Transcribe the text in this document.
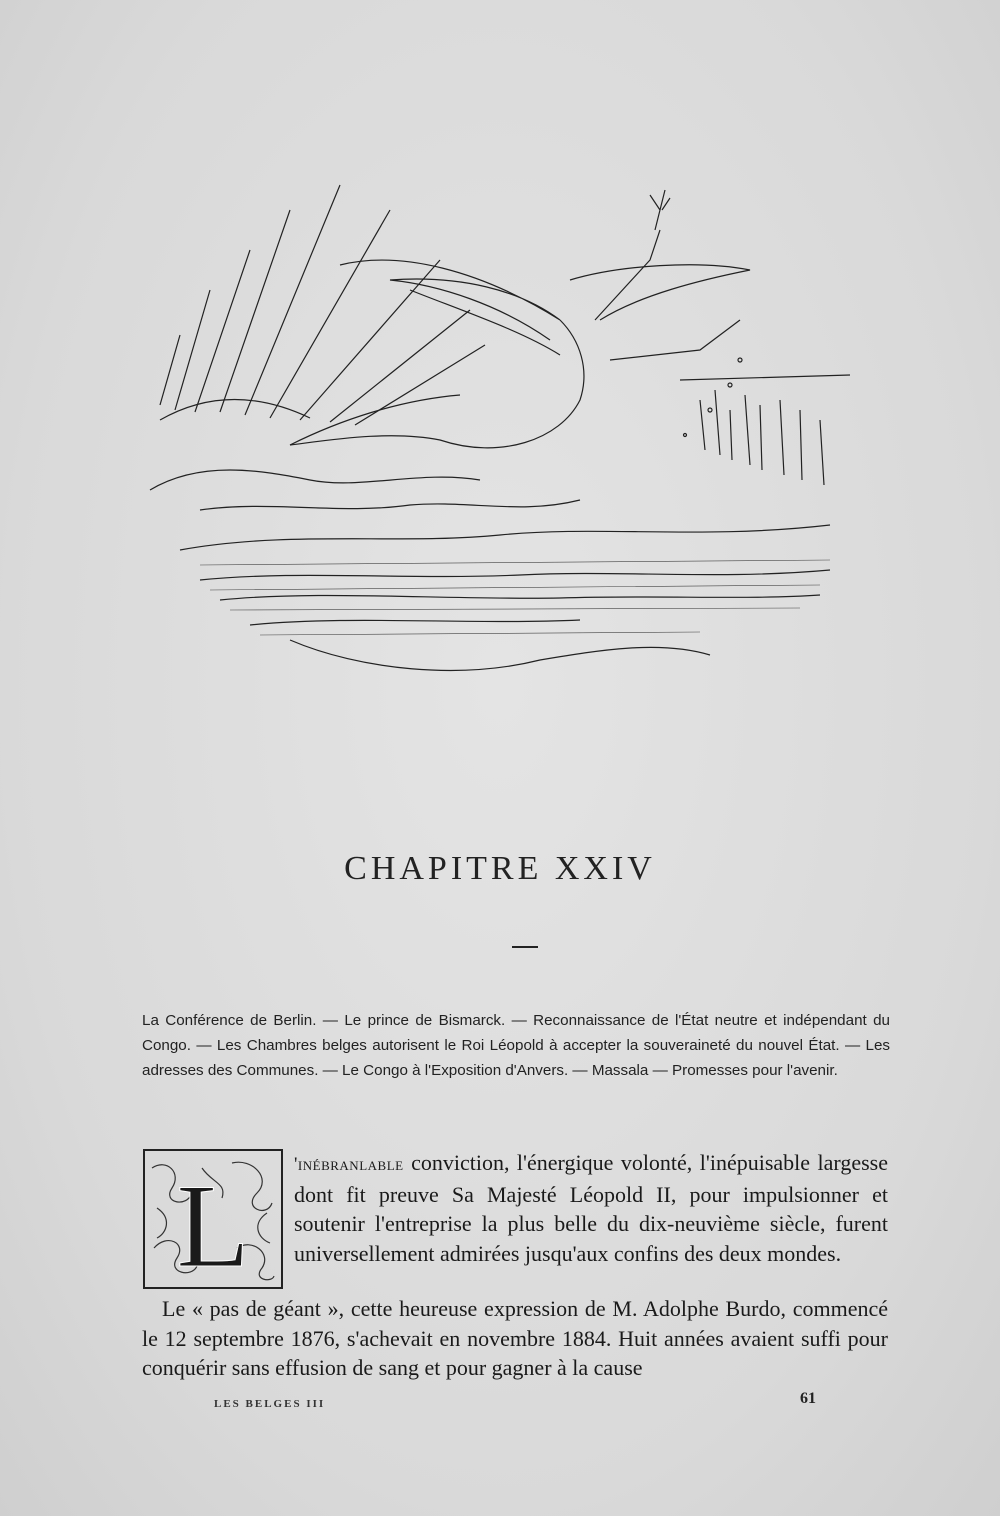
CHAPITRE XXIV
La Conférence de Berlin. — Le prince de Bismarck. — Reconnaissance de l'État neutre et indépendant du Congo. — Les Chambres belges autorisent le Roi Léopold à accepter la souveraineté du nouvel État. — Les adresses des Communes. — Le Congo à l'Exposition d'Anvers. — Massala — Promesses pour l'avenir.
L 'inébranlable conviction, l'énergique volonté, l'inépuisable largesse dont fit preuve Sa Majesté Léopold II, pour impulsionner et soutenir l'entreprise la plus belle du dix-neuvième siècle, furent universellement admirées jusqu'aux confins des deux mondes.
Le « pas de géant », cette heureuse expression de M. Adolphe Burdo, commencé le 12 septembre 1876, s'achevait en novembre 1884. Huit années avaient suffi pour conquérir sans effusion de sang et pour gagner à la cause
LES BELGES III	61
